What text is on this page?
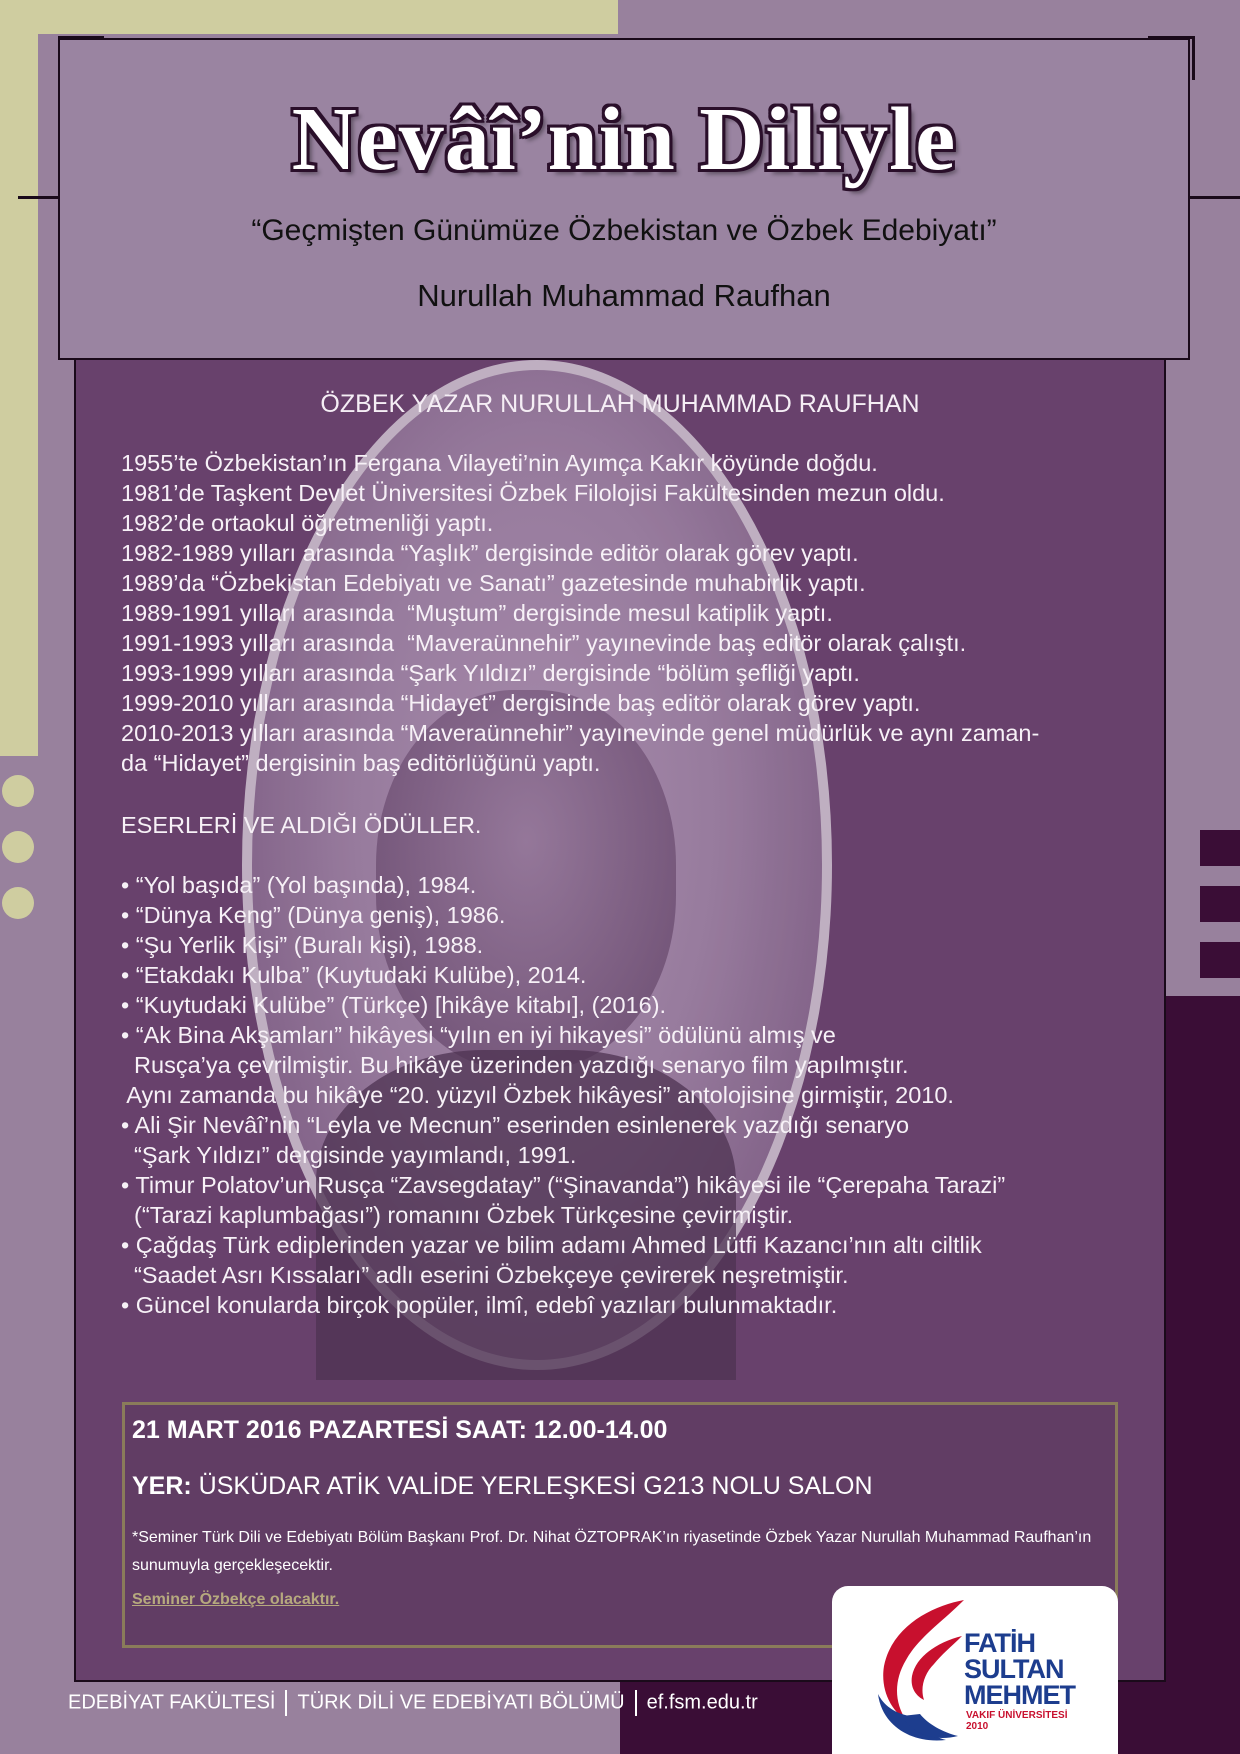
Nevâî’nin Diliyle
“Geçmişten Günümüze Özbekistan ve Özbek Edebiyatı”
Nurullah Muhammad Raufhan
ÖZBEK YAZAR NURULLAH MUHAMMAD RAUFHAN
1955’te Özbekistan’ın Fergana Vilayeti’nin Ayımça Kakır köyünde doğdu.
1981’de Taşkent Devlet Üniversitesi Özbek Filolojisi Fakültesinden mezun oldu.
1982’de ortaokul öğretmenliği yaptı.
1982-1989 yılları arasında “Yaşlık” dergisinde editör olarak görev yaptı.
1989’da “Özbekistan Edebiyatı ve Sanatı” gazetesinde muhabirlik yaptı.
1989-1991 yılları arasında  “Muştum” dergisinde mesul katiplik yaptı.
1991-1993 yılları arasında  “Maveraünnehir” yayınevinde baş editör olarak çalıştı.
1993-1999 yılları arasında “Şark Yıldızı” dergisinde “bölüm şefliği yaptı.
1999-2010 yılları arasında “Hidayet” dergisinde baş editör olarak görev yaptı.
2010-2013 yılları arasında “Maveraünnehir” yayınevinde genel müdürlük ve aynı zaman-
da “Hidayet” dergisinin baş editörlüğünü yaptı.
ESERLERİ VE ALDIĞI ÖDÜLLER.
• “Yol başıda” (Yol başında), 1984.
• “Dünya Keng” (Dünya geniş), 1986.
• “Şu Yerlik Kişi” (Buralı kişi), 1988.
• “Etakdakı Kulba” (Kuytudaki Kulübe), 2014.
• “Kuytudaki Kulübe” (Türkçe) [hikâye kitabı], (2016).
• “Ak Bina Akşamları” hikâyesi “yılın en iyi hikayesi” ödülünü almış ve
Rusça’ya çevrilmiştir. Bu hikâye üzerinden yazdığı senaryo film yapılmıştır.
Aynı zamanda bu hikâye “20. yüzyıl Özbek hikâyesi” antolojisine girmiştir, 2010.
• Ali Şir Nevâî’nin “Leyla ve Mecnun” eserinden esinlenerek yazdığı senaryo
“Şark Yıldızı” dergisinde yayımlandı, 1991.
• Timur Polatov’un Rusça “Zavsegdatay” (“Şinavanda”) hikâyesi ile “Çerepaha Tarazi”
(“Tarazi kaplumbağası”) romanını Özbek Türkçesine çevirmiştir.
• Çağdaş Türk ediplerinden yazar ve bilim adamı Ahmed Lütfi Kazancı’nın altı ciltlik
“Saadet Asrı Kıssaları” adlı eserini Özbekçeye çevirerek neşretmiştir.
• Güncel konularda birçok popüler, ilmî, edebî yazıları bulunmaktadır.
21 MART 2016 PAZARTESİ SAAT: 12.00-14.00
YER: ÜSKÜDAR ATİK VALİDE YERLEŞKESİ G213 NOLU SALON
*Seminer Türk Dili ve Edebiyatı Bölüm Başkanı Prof. Dr. Nihat ÖZTOPRAK’ın riyasetinde Özbek Yazar Nurullah Muhammad Raufhan’ın sunumuyla gerçekleşecektir.
Seminer Özbekçe olacaktır.
FATİH
SULTAN
MEHMET
VAKIF ÜNİVERSİTESİ
2010
EDEBİYAT FAKÜLTESİ TÜRK DİLİ VE EDEBİYATI BÖLÜMÜ ef.fsm.edu.tr
